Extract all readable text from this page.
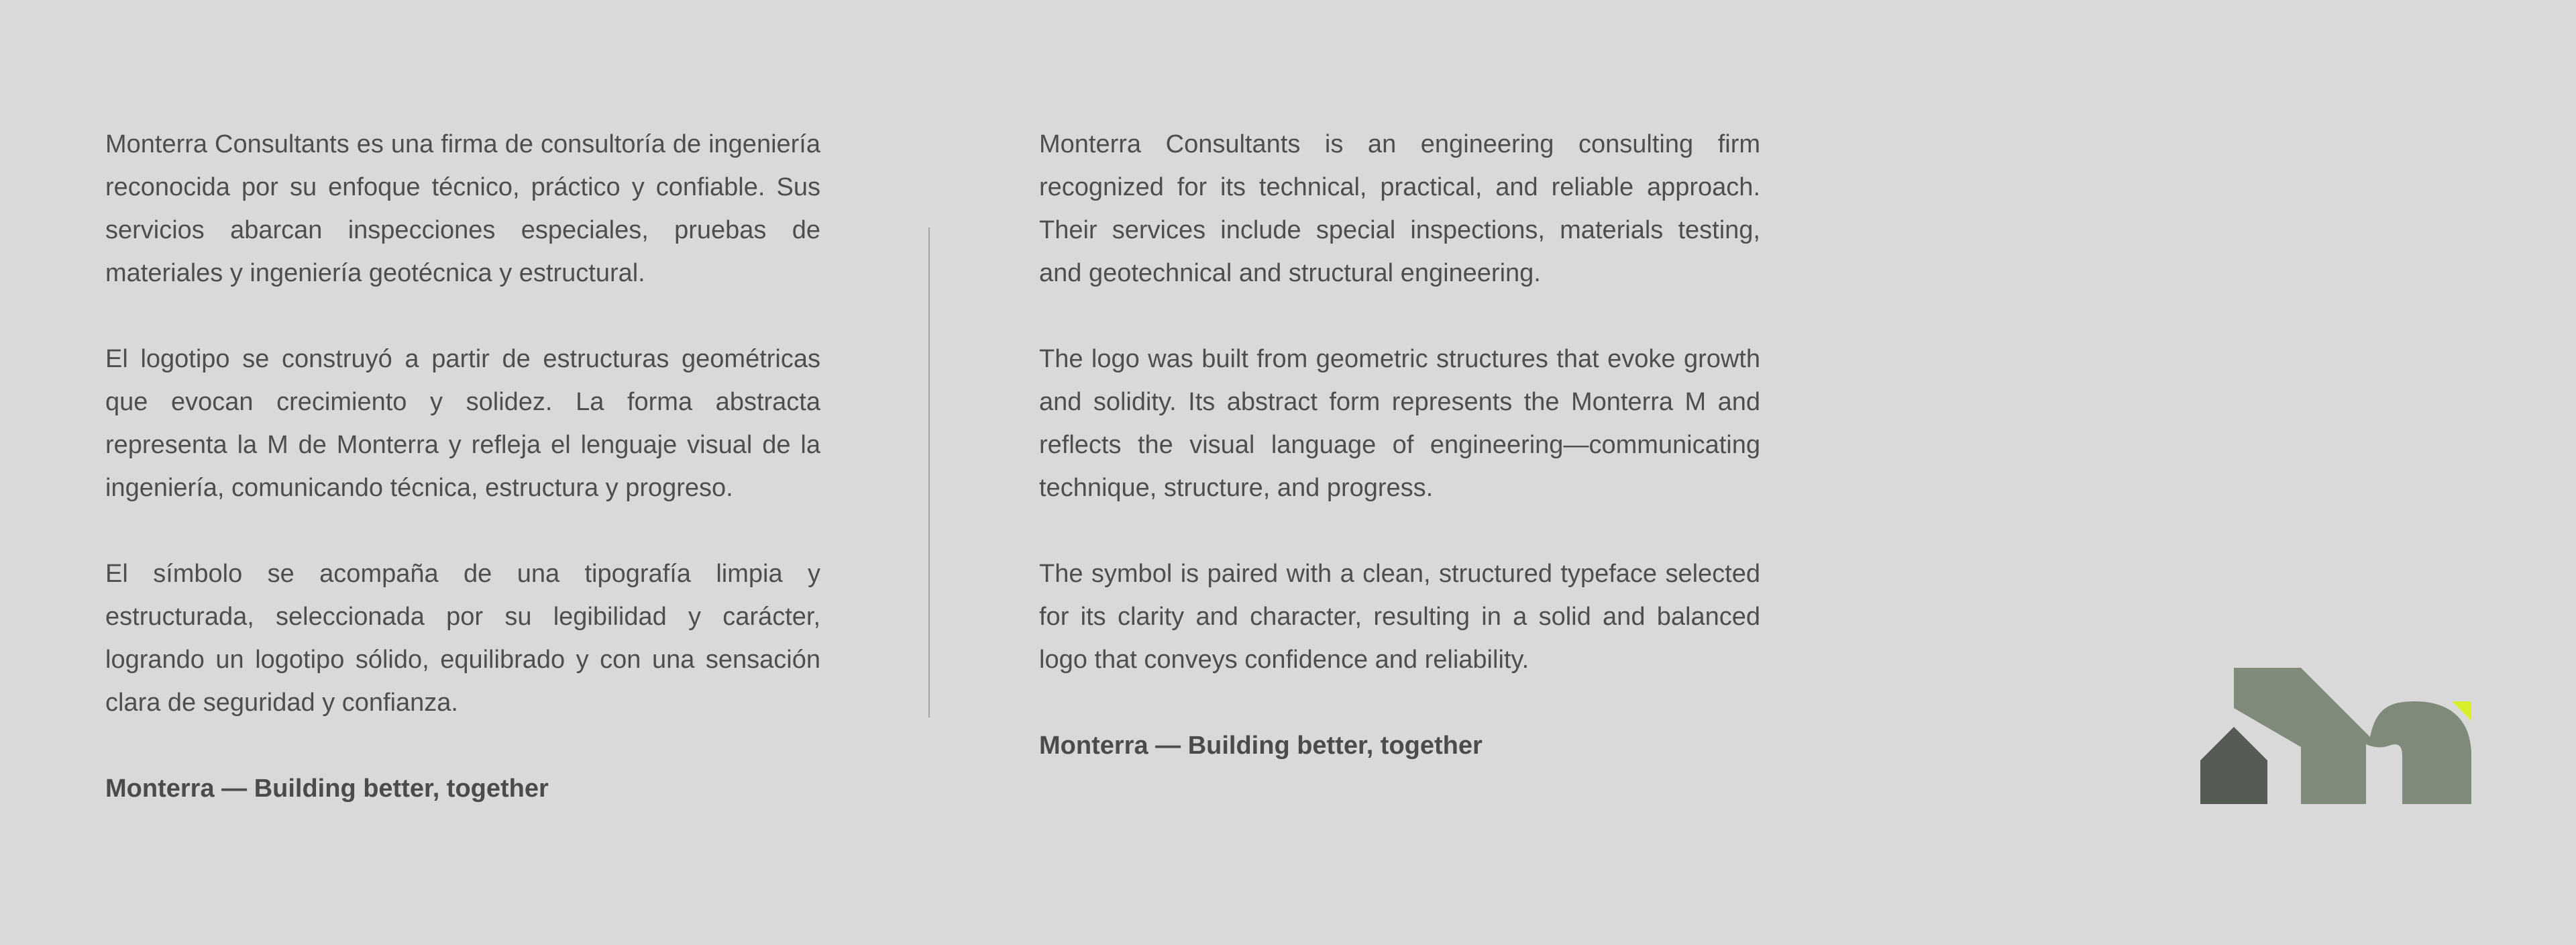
Monterra Consultants es una firma de consultoría de ingeniería reconocida por su enfoque técnico, práctico y confiable. Sus servicios abarcan inspecciones especiales, pruebas de materiales y ingeniería geotécnica y estructural.

El logotipo se construyó a partir de estructuras geométricas que evocan crecimiento y solidez. La forma abstracta representa la M de Monterra y refleja el lenguaje visual de la ingeniería, comunicando técnica, estructura y progreso.

El símbolo se acompaña de una tipografía limpia y estructurada, seleccionada por su legibilidad y carácter, logrando un logotipo sólido, equilibrado y con una sensación clara de seguridad y confianza.

Monterra — Building better, together

Monterra Consultants is an engineering consulting firm recognized for its technical, practical, and reliable approach. Their services include special inspections, materials testing, and geotechnical and structural engineering.

The logo was built from geometric structures that evoke growth and solidity. Its abstract form represents the Monterra M and reflects the visual language of engineering—communicating technique, structure, and progress.

The symbol is paired with a clean, structured typeface selected for its clarity and character, resulting in a solid and balanced logo that conveys confidence and reliability.

Monterra — Building better, together
